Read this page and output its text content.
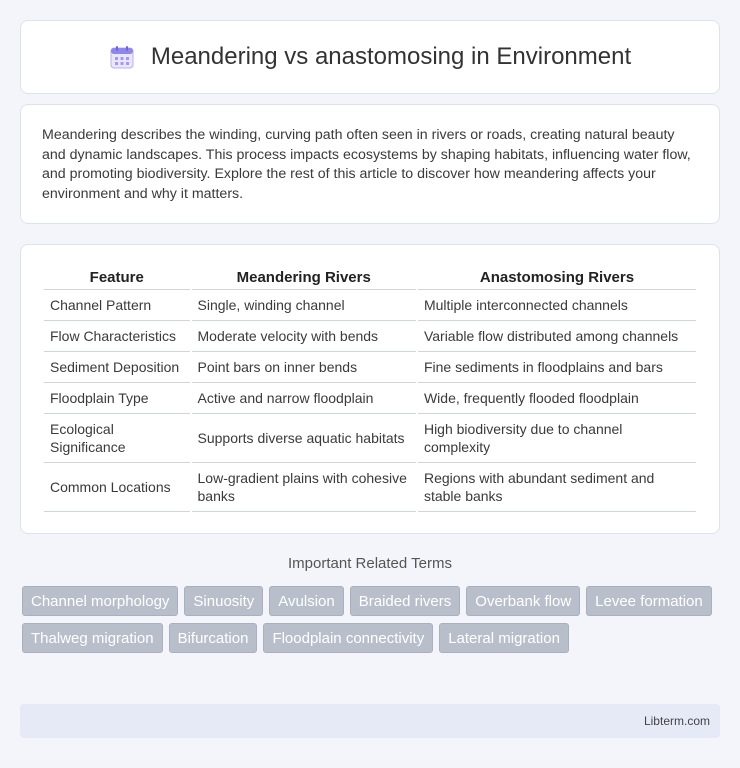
Meandering vs anastomosing in Environment

Meandering describes the winding, curving path often seen in rivers or roads, creating natural beauty and dynamic landscapes. This process impacts ecosystems by shaping habitats, influencing water flow, and promoting biodiversity. Explore the rest of this article to discover how meandering affects your environment and why it matters.

Feature	Meandering Rivers	Anastomosing Rivers
Channel Pattern	Single, winding channel	Multiple interconnected channels
Flow Characteristics	Moderate velocity with bends	Variable flow distributed among channels
Sediment Deposition	Point bars on inner bends	Fine sediments in floodplains and bars
Floodplain Type	Active and narrow floodplain	Wide, frequently flooded floodplain
Ecological Significance	Supports diverse aquatic habitats	High biodiversity due to channel complexity
Common Locations	Low-gradient plains with cohesive banks	Regions with abundant sediment and stable banks
Important Related Terms
Channel morphology	Sinuosity	Avulsion	Braided rivers	Overbank flow	Levee formation
Thalweg migration	Bifurcation	Floodplain connectivity	Lateral migration
Libterm.com
